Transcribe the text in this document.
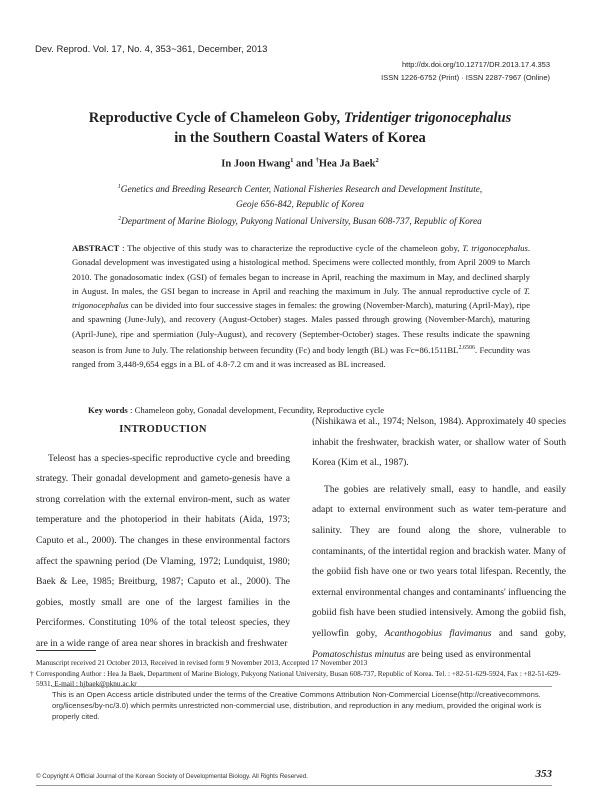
Dev. Reprod. Vol. 17, No. 4, 353~361, December, 2013
http://dx.doi.org/10.12717/DR.2013.17.4.353
ISSN 1226-6752 (Print) · ISSN 2287-7967 (Online)
Reproductive Cycle of Chameleon Goby, Tridentiger trigonocephalus
in the Southern Coastal Waters of Korea
In Joon Hwang$^1$ and †Hea Ja Baek$^2$
$^1$Genetics and Breeding Research Center, National Fisheries Research and Development Institute,
Geoje 656-842, Republic of Korea
$^2$Department of Marine Biology, Pukyong National University, Busan 608-737, Republic of Korea
ABSTRACT : The objective of this study was to characterize the reproductive cycle of the chameleon goby, T. trigonocephalus. Gonadal development was investigated using a histological method. Specimens were collected monthly, from April 2009 to March 2010. The gonadosomatic index (GSI) of females began to increase in April, reaching the maximum in May, and declined sharply in August. In males, the GSI began to increase in April and reaching the maximum in July. The annual reproductive cycle of T. trigonocephalus can be divided into four successive stages in females: the growing (November-March), maturing (April-May), ripe and spawning (June-July), and recovery (August-October) stages. Males passed through growing (November-March), maturing (April-June), ripe and spermiation (July-August), and recovery (September-October) stages. These results indicate the spawning season is from June to July. The relationship between fecundity (Fc) and body length (BL) was $Fc=86.1511BL^{2.6506}$. Fecundity was ranged from 3,448-9,654 eggs in a BL of 4.8-7.2 cm and it was increased as BL increased.
Key words : Chameleon goby, Gonadal development, Fecundity, Reproductive cycle
INTRODUCTION

Teleost has a species-specific reproductive cycle and breeding strategy. Their gonadal development and gameto-genesis have a strong correlation with the external environ-ment, such as water temperature and the photoperiod in their habitats (Aida, 1973; Caputo et al., 2000). The changes in these environmental factors affect the spawning period (De Vlaming, 1972; Lundquist, 1980; Baek & Lee, 1985; Breitburg, 1987; Caputo et al., 2000). The gobies, mostly small are one of the largest families in the Perciformes. Constituting 10% of the total teleost species, they are in a wide range of area near shores in brackish and freshwater

(Nishikawa et al., 1974; Nelson, 1984). Approximately 40 species inhabit the freshwater, brackish water, or shallow water of South Korea (Kim et al., 1987).

The gobies are relatively small, easy to handle, and easily adapt to external environment such as water tem-perature and salinity. They are found along the shore, vulnerable to contaminants, of the intertidal region and brackish water. Many of the gobiid fish have one or two years total lifespan. Recently, the external environmental changes and contaminants' influencing the gobiid fish have been studied intensively. Among the gobiid fish, yellowfin goby, Acanthogobius flavimanus and sand goby, Pomatoschistus minutus are being used as environmental

Manuscript received 21 October 2013, Received in revised form 9 November 2013, Accepted 17 November 2013
† Corresponding Author : Hea Ja Baek, Department of Marine Biology, Pukyong National University, Busan 608-737, Republic of Korea. Tel. : +82-51-629-5924, Fax : +82-51-629-5931, E-mail : hjbaek@pknu.ac.kr
This is an Open Access article distributed under the terms of the Creative Commons Attribution Non-Commercial License(http://creativecommons. org/licenses/by-nc/3.0) which permits unrestricted non-commercial use, distribution, and reproduction in any medium, provided the original work is properly cited.
© Copyright A Official Journal of the Korean Society of Developmental Biology. All Rights Reserved.	353
